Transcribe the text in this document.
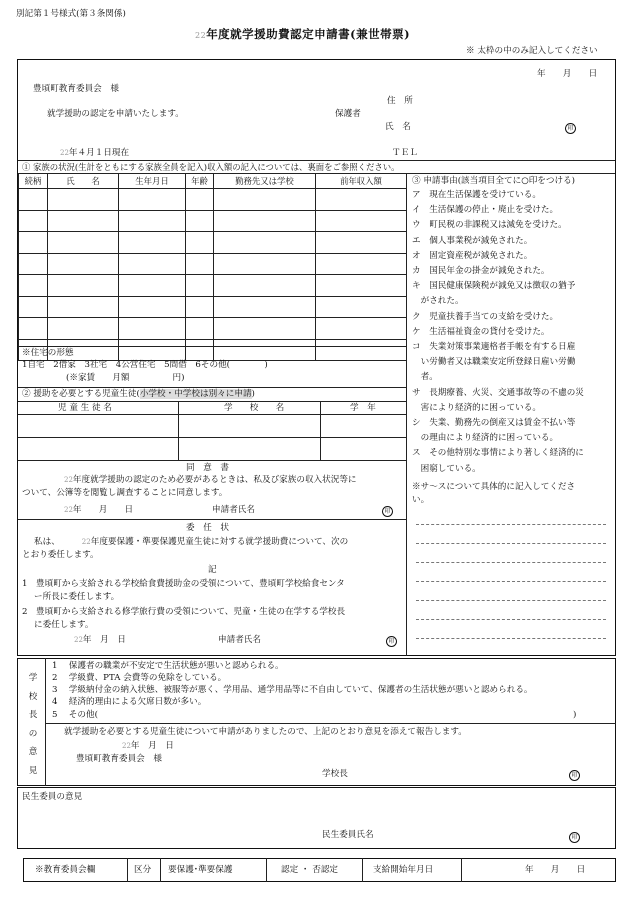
別記第１号様式(第３条関係)
22年度就学援助費認定申請書(兼世帯票)
※ 太枠の中のみ記入してください
年　　月　　日
豊頃町教育委員会　様
住　所
就学援助の認定を申請いたします。	保護者
氏　名	印
22年４月１日現在	ＴＥＬ
① 家族の状況(生計をともにする家族全員を記入)収入額の記入については、裏面をご参照ください。
続柄	氏　　名	生年月日	年齢	勤務先又は学校	前年収入額

※住宅の形態
1自宅　2借家　3社宅　4公営住宅　5間借　6その他(　　　　)
(※家賃　　月額　　　　　円)
② 援助を必要とする児童生徒(小学校・中学校は別々に申請)
児 童 生 徒 名	学　　校　　名	学　年
同　意　書
22年度就学援助の認定のため必要があるときは、私及び家族の収入状況等に
ついて、公簿等を閲覧し調査することに同意します。
22年　　月　　日	申請者氏名	印
委　任　状
私は、	22年度要保護・準要保護児童生徒に対する就学援助費について、次の
とおり委任します。
記
1　豊頃町から支給される学校給食費援助金の受領について、豊頃町学校給食センタ
ー所長に委任します。
2　豊頃町から支給される修学旅行費の受領について、児童・生徒の在学する学校長
に委任します。
22年　月　日	申請者氏名	印
③ 申請事由(該当項目全てに○印をつける)
ア　現在生活保護を受けている。
イ　生活保護の停止・廃止を受けた。
ウ　町民税の非課税又は減免を受けた。
エ　個人事業税が減免された。
オ　固定資産税が減免された。
カ　国民年金の掛金が減免された。
キ　国民健康保険税が減免又は徴収の猶予
　がされた。
ク　児童扶養手当ての支給を受けた。
ケ　生活福祉資金の貸付を受けた。
コ　失業対策事業適格者手帳を有する日雇
　い労働者又は職業安定所登録日雇い労働
　者。
サ　長期療養、火災、交通事故等の不慮の災
　害により経済的に困っている。
シ　失業、勤務先の倒産又は賃金不払い等
　の理由により経済的に困っている。
ス　その他特別な事情により著しく経済的に
　困窮している。
※サ～スについて具体的に記入してくださ
い。
学
校
長
の
意
見
1　 保護者の職業が不安定で生活状態が悪いと認められる。
2　 学級費、PTA 会費等の免除をしている。
3　 学級納付金の納入状態、被服等が悪く、学用品、通学用品等に不自由していて、保護者の生活状態が悪いと認められる。
4　 経済的理由による欠席日数が多い。
5　 その他(	)
就学援助を必要とする児童生徒について申請がありましたので、上記のとおり意見を添えて報告します。
22年　月　日
豊頃町教育委員会　様
学校長	印
民生委員の意見
民生委員氏名	印
※教育委員会欄	区分 要保護･準要保護	認定 ・ 否認定	支給開始年月日	年　　月　　日
